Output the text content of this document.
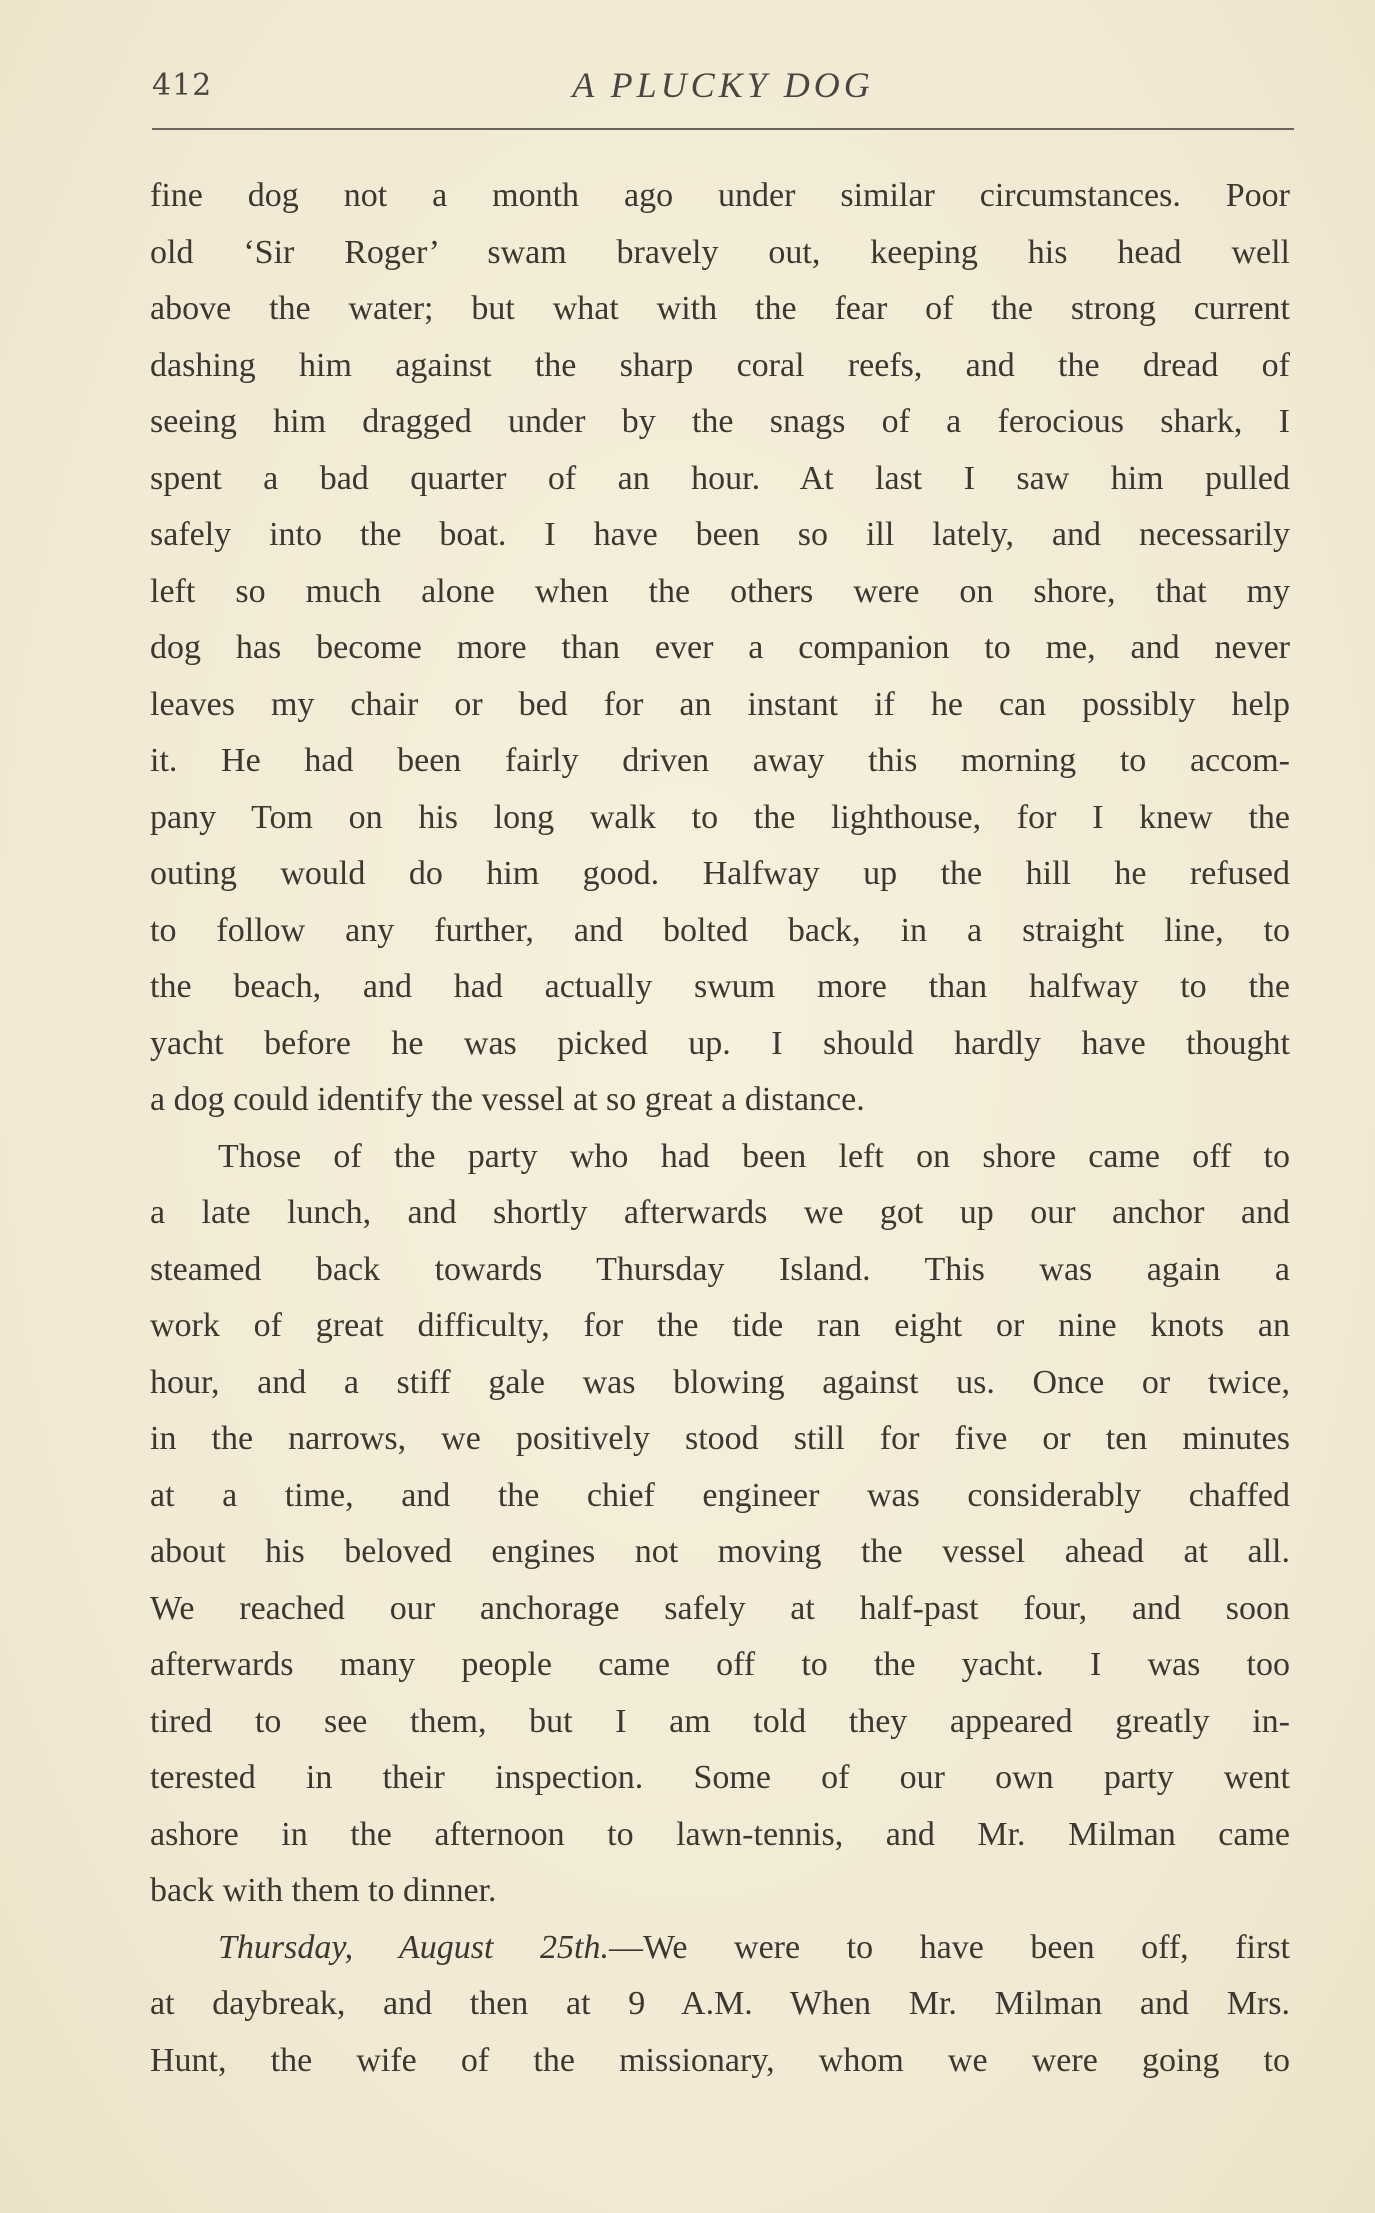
412	A PLUCKY DOG
fine dog not a month ago under similar circumstances. Poor
old ‘Sir Roger’ swam bravely out, keeping his head well
above the water; but what with the fear of the strong current
dashing him against the sharp coral reefs, and the dread of
seeing him dragged under by the snags of a ferocious shark, I
spent a bad quarter of an hour. At last I saw him pulled
safely into the boat. I have been so ill lately, and necessarily
left so much alone when the others were on shore, that my
dog has become more than ever a companion to me, and never
leaves my chair or bed for an instant if he can possibly help
it. He had been fairly driven away this morning to accom-
pany Tom on his long walk to the lighthouse, for I knew the
outing would do him good. Halfway up the hill he refused
to follow any further, and bolted back, in a straight line, to
the beach, and had actually swum more than halfway to the
yacht before he was picked up. I should hardly have thought
a dog could identify the vessel at so great a distance.
Those of the party who had been left on shore came off to
a late lunch, and shortly afterwards we got up our anchor and
steamed back towards Thursday Island. This was again a
work of great difficulty, for the tide ran eight or nine knots an
hour, and a stiff gale was blowing against us. Once or twice,
in the narrows, we positively stood still for five or ten minutes
at a time, and the chief engineer was considerably chaffed
about his beloved engines not moving the vessel ahead at all.
We reached our anchorage safely at half-past four, and soon
afterwards many people came off to the yacht. I was too
tired to see them, but I am told they appeared greatly in-
terested in their inspection. Some of our own party went
ashore in the afternoon to lawn-tennis, and Mr. Milman came
back with them to dinner.
Thursday, August 25th.—We were to have been off, first
at daybreak, and then at 9 A.M. When Mr. Milman and Mrs.
Hunt, the wife of the missionary, whom we were going to
